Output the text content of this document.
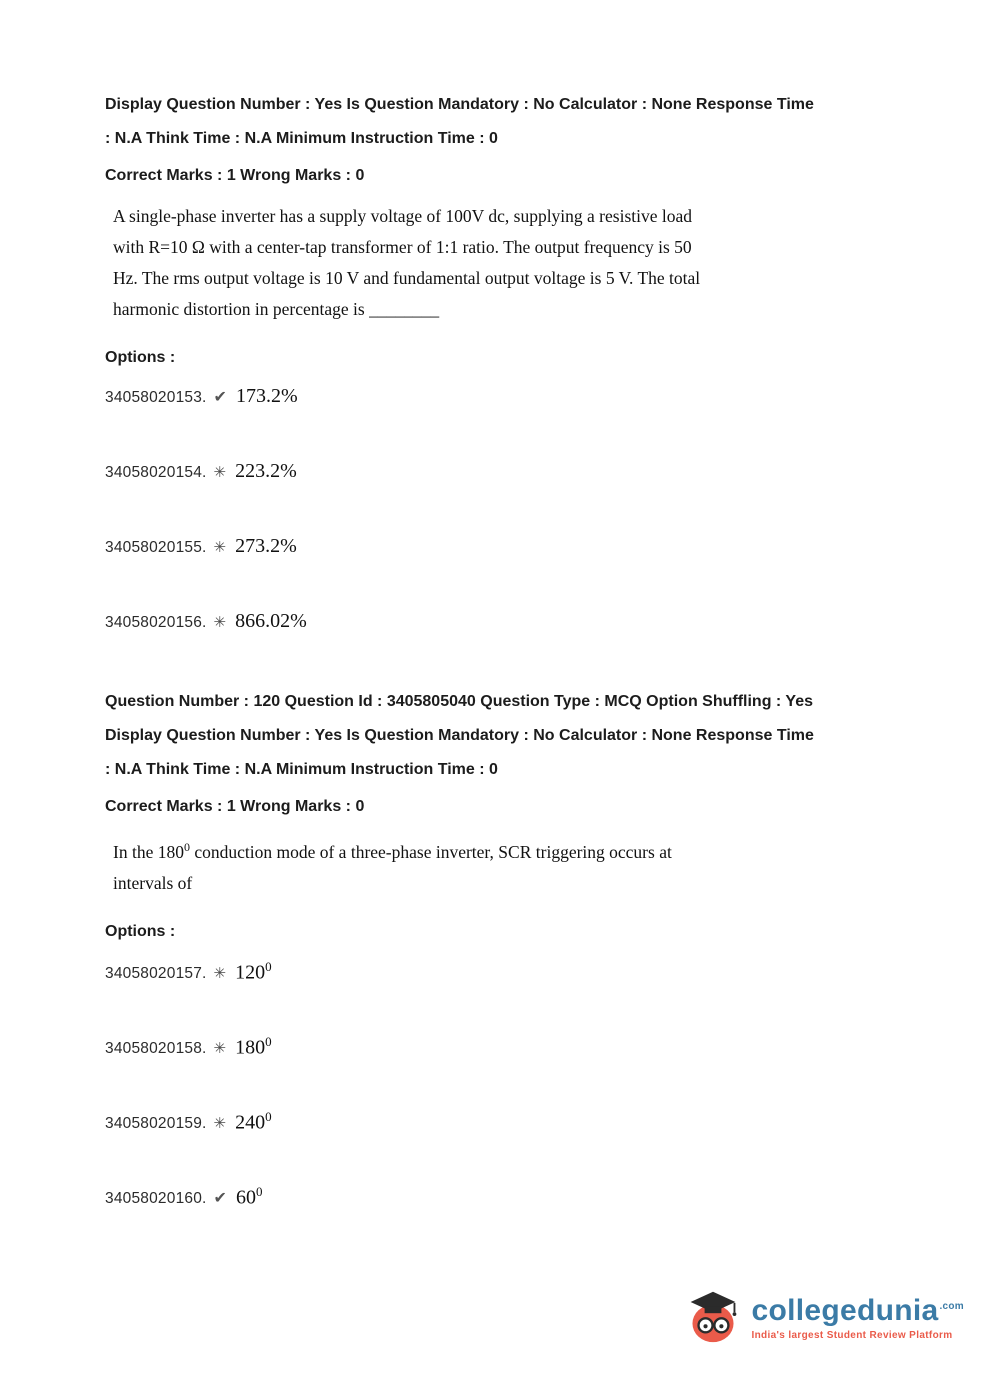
Display Question Number : Yes Is Question Mandatory : No Calculator : None Response Time
: N.A Think Time : N.A Minimum Instruction Time : 0
Correct Marks : 1 Wrong Marks : 0
A single-phase inverter has a supply voltage of 100V dc, supplying a resistive load
with R=10 Ω with a center-tap transformer of 1:1 ratio. The output frequency is 50
Hz. The rms output voltage is 10 V and fundamental output voltage is 5 V. The total
harmonic distortion in percentage is ________
Options :
34058020153. ✔ 173.2%
34058020154. ✳ 223.2%
34058020155. ✳ 273.2%
34058020156. ✳ 866.02%
Question Number : 120 Question Id : 3405805040 Question Type : MCQ Option Shuffling : Yes
Display Question Number : Yes Is Question Mandatory : No Calculator : None Response Time
: N.A Think Time : N.A Minimum Instruction Time : 0
Correct Marks : 1 Wrong Marks : 0
In the $180^0$ conduction mode of a three-phase inverter, SCR triggering occurs at
intervals of
Options :
34058020157. ✳ $120^0$
34058020158. ✳ $180^0$
34058020159. ✳ $240^0$
34058020160. ✔ $60^0$
collegedunia$^{.com}$
India's largest Student Review Platform
